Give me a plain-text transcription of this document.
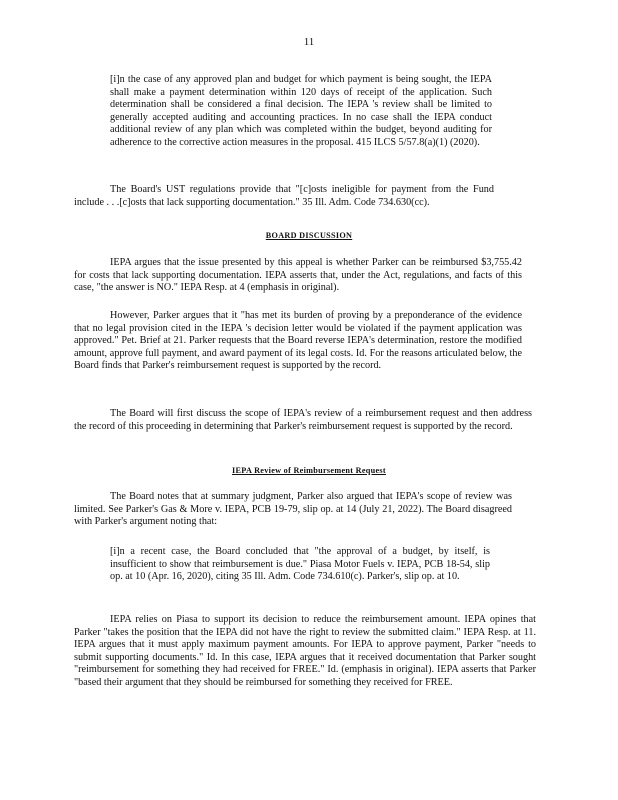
11
[i]n the case of any approved plan and budget for which payment is being sought, the IEPA shall make a payment determination within 120 days of receipt of the application. Such determination shall be considered a final decision. The IEPA 's review shall be limited to generally accepted auditing and accounting practices. In no case shall the IEPA conduct additional review of any plan which was completed within the budget, beyond auditing for adherence to the corrective action measures in the proposal. 415 ILCS 5/57.8(a)(1) (2020).
The Board's UST regulations provide that "[c]osts ineligible for payment from the Fund include . . .[c]osts that lack supporting documentation." 35 Ill. Adm. Code 734.630(cc).
BOARD DISCUSSION
IEPA argues that the issue presented by this appeal is whether Parker can be reimbursed $3,755.42 for costs that lack supporting documentation. IEPA asserts that, under the Act, regulations, and facts of this case, "the answer is NO." IEPA Resp. at 4 (emphasis in original).
However, Parker argues that it "has met its burden of proving by a preponderance of the evidence that no legal provision cited in the IEPA 's decision letter would be violated if the payment application was approved." Pet. Brief at 21. Parker requests that the Board reverse IEPA's determination, restore the modified amount, approve full payment, and award payment of its legal costs. Id. For the reasons articulated below, the Board finds that Parker's reimbursement request is supported by the record.
The Board will first discuss the scope of IEPA's review of a reimbursement request and then address the record of this proceeding in determining that Parker's reimbursement request is supported by the record.
IEPA Review of Reimbursement Request
The Board notes that at summary judgment, Parker also argued that IEPA's scope of review was limited. See Parker's Gas & More v. IEPA, PCB 19-79, slip op. at 14 (July 21, 2022). The Board disagreed with Parker's argument noting that:
[i]n a recent case, the Board concluded that "the approval of a budget, by itself, is insufficient to show that reimbursement is due." Piasa Motor Fuels v. IEPA, PCB 18-54, slip op. at 10 (Apr. 16, 2020), citing 35 Ill. Adm. Code 734.610(c). Parker's, slip op. at 10.
IEPA relies on Piasa to support its decision to reduce the reimbursement amount. IEPA opines that Parker "takes the position that the IEPA did not have the right to review the submitted claim." IEPA Resp. at 11. IEPA argues that it must apply maximum payment amounts. For IEPA to approve payment, Parker "needs to submit supporting documents." Id. In this case, IEPA argues that it received documentation that Parker sought "reimbursement for something they had received for FREE." Id. (emphasis in original). IEPA asserts that Parker "based their argument that they should be reimbursed for something they received for FREE.
